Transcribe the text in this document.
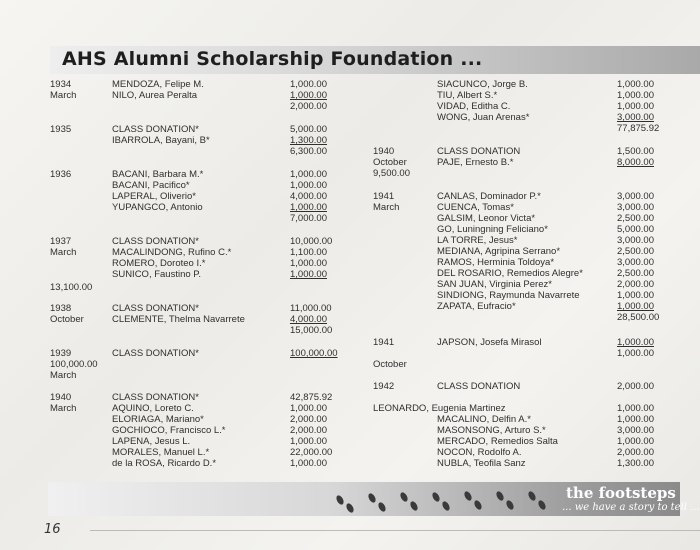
AHS Alumni Scholarship Foundation ...
1934	MENDOZA, Felipe M.	1,000.00
March	NILO, Aurea Peralta	1,000.00
2,000.00
1935	CLASS DONATION*	5,000.00
IBARROLA, Bayani, B*	1,300.00
6,300.00
1936	BACANI, Barbara M.*	1,000.00
BACANI, Pacifico*	1,000.00
LAPERAL, Oliverio*	4,000.00
YUPANGCO, Antonio	1,000.00
7,000.00
1937	CLASS DONATION*	10,000.00
March	MACALINDONG, Rufino C.*	1,100.00
ROMERO, Doroteo I.*	1,000.00
SUNICO, Faustino P.	1,000.00
13,100.00
1938	CLASS DONATION*	11,000.00
October	CLEMENTE, Thelma Navarrete	4,000.00
15,000.00
1939	CLASS DONATION*	100,000.00
100,000.00
March
1940	CLASS DONATION*	42,875.92
March	AQUINO, Loreto C.	1,000.00
ELORIAGA, Mariano*	2,000.00
GOCHIOCO, Francisco L.*	2,000.00
LAPENA, Jesus L.	1,000.00
MORALES, Manuel L.*	22,000.00
de la ROSA, Ricardo D.*	1,000.00
SIACUNCO, Jorge B.	1,000.00
TIU, Albert S.*	1,000.00
VIDAD, Editha C.	1,000.00
WONG, Juan Arenas*	3,000.00
77,875.92
1940	CLASS DONATION	1,500.00
October	PAJE, Ernesto B.*	8,000.00
9,500.00
1941	CANLAS, Dominador P.*	3,000.00
March	CUENCA, Tomas*	3,000.00
GALSIM, Leonor Victa*	2,500.00
GO, Luningning Feliciano*	5,000.00
LA TORRE, Jesus*	3,000.00
MEDIANA, Agripina Serrano*	2,500.00
RAMOS, Herminia Toldoya*	3,000.00
DEL ROSARIO, Remedios Alegre*	2,500.00
SAN JUAN, Virginia Perez*	2,000.00
SINDIONG, Raymunda Navarrete	1,000.00
ZAPATA, Eufracio*	1,000.00
28,500.00
1941	JAPSON, Josefa Mirasol	1,000.00
1,000.00
October
1942	CLASS DONATION	2,000.00
LEONARDO, Eugenia Martinez	1,000.00
MACALINO, Delfin A.*	1,000.00
MASONSONG, Arturo S.*	3,000.00
MERCADO, Remedios Salta	1,000.00
NOCON, Rodolfo A.	2,000.00
NUBLA, Teofila Sanz	1,300.00
the footsteps
... we have a story to tell ...
16
